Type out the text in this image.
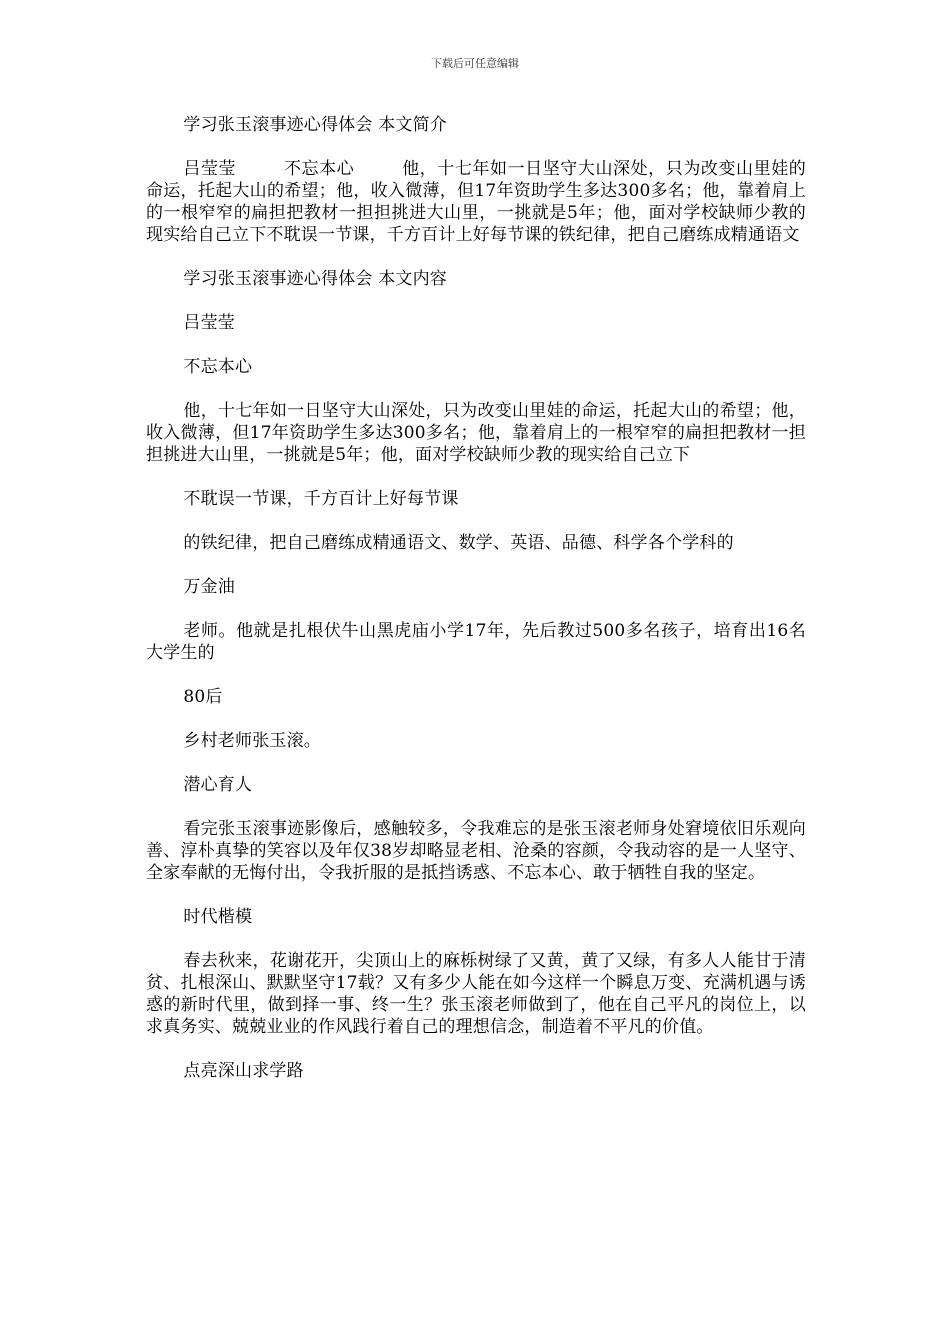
下载后可任意编辑

学习张玉滚事迹心得体会 本文简介

吕莹莹        不忘本心        他，十七年如一日坚守大山深处，只为改变山里娃的命运，托起大山的希望；他，收入微薄，但17年资助学生多达300多名；他，靠着肩上的一根窄窄的扁担把教材一担担挑进大山里，一挑就是5年；他，面对学校缺师少教的现实给自己立下不耽误一节课，千方百计上好每节课的铁纪律，把自己磨练成精通语文

学习张玉滚事迹心得体会 本文内容

吕莹莹

不忘本心

他，十七年如一日坚守大山深处，只为改变山里娃的命运，托起大山的希望；他，收入微薄，但17年资助学生多达300多名；他，靠着肩上的一根窄窄的扁担把教材一担担挑进大山里，一挑就是5年；他，面对学校缺师少教的现实给自己立下

不耽误一节课，千方百计上好每节课

的铁纪律，把自己磨练成精通语文、数学、英语、品德、科学各个学科的

万金油

老师。他就是扎根伏牛山黑虎庙小学17年，先后教过500多名孩子，培育出16名大学生的

80后

乡村老师张玉滚。

潜心育人

看完张玉滚事迹影像后，感触较多，令我难忘的是张玉滚老师身处窘境依旧乐观向善、淳朴真挚的笑容以及年仅38岁却略显老相、沧桑的容颜，令我动容的是一人坚守、全家奉献的无悔付出，令我折服的是抵挡诱惑、不忘本心、敢于牺牲自我的坚定。

时代楷模

春去秋来，花谢花开，尖顶山上的麻栎树绿了又黄，黄了又绿，有多人人能甘于清贫、扎根深山、默默坚守17载？又有多少人能在如今这样一个瞬息万变、充满机遇与诱惑的新时代里，做到择一事、终一生？张玉滚老师做到了，他在自己平凡的岗位上，以求真务实、兢兢业业的作风践行着自己的理想信念，制造着不平凡的价值。

点亮深山求学路
